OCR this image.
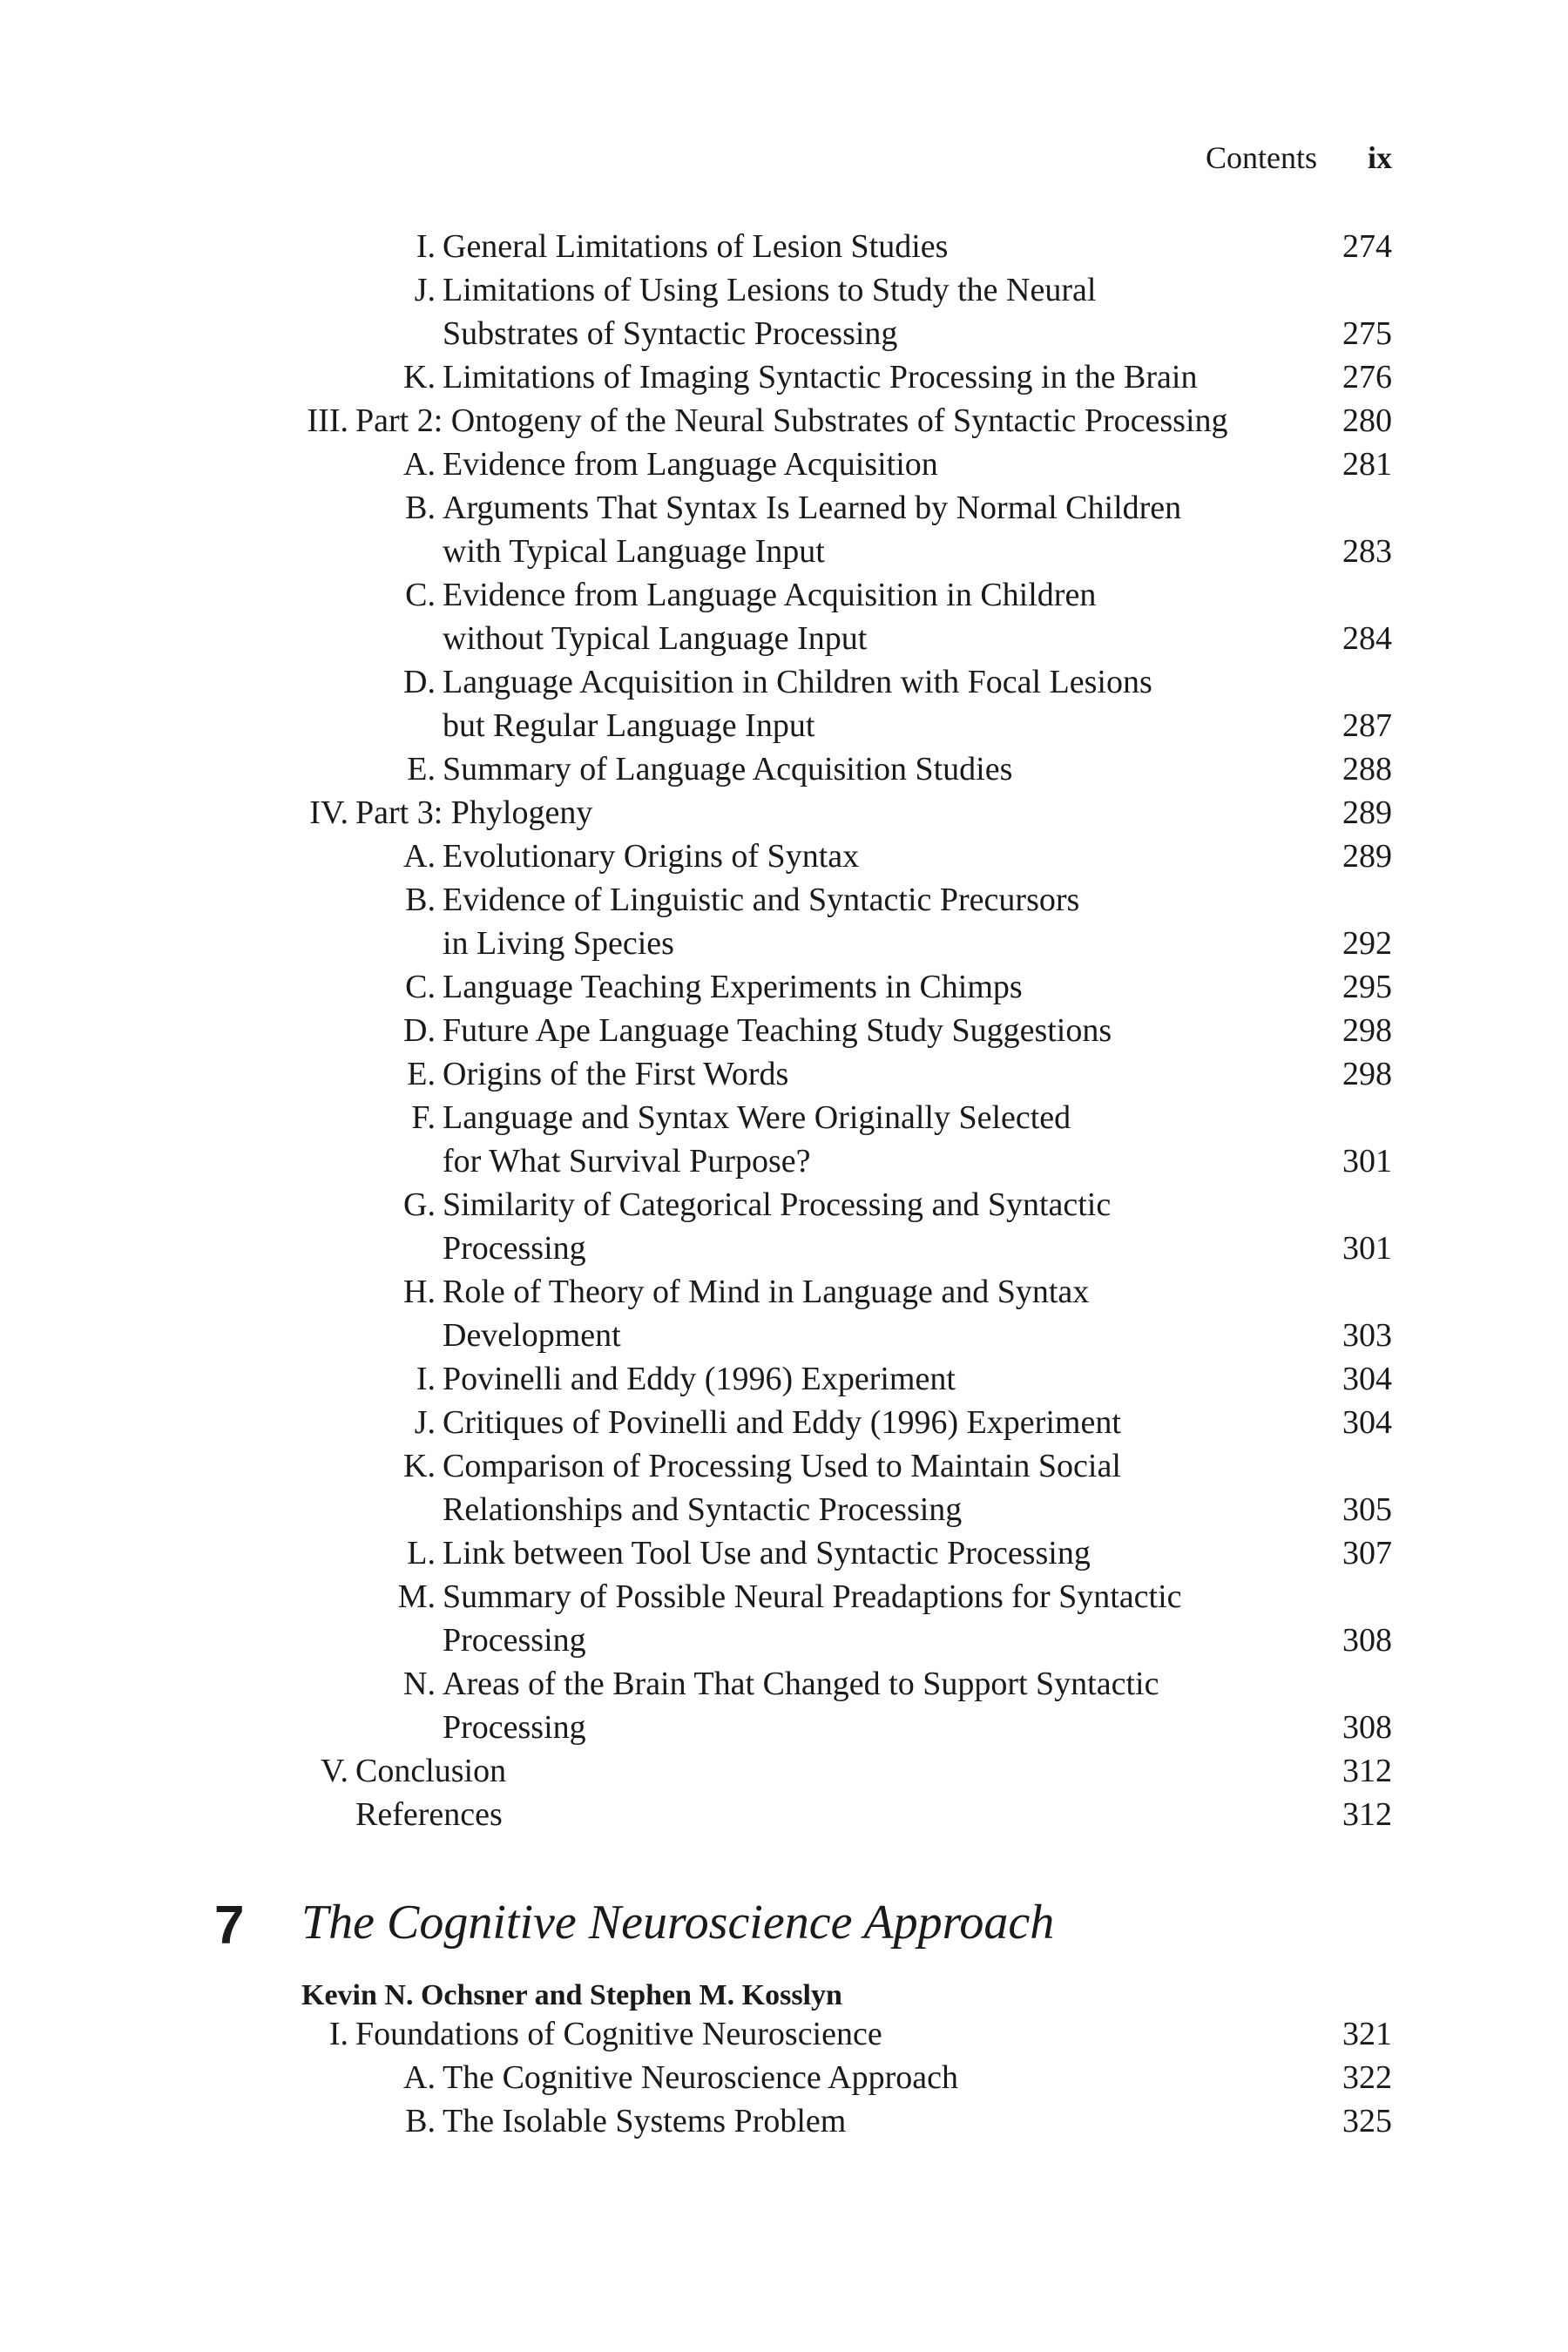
Contents ix
I. General Limitations of Lesion Studies	274
J. Limitations of Using Lesions to Study the Neural
Substrates of Syntactic Processing	275
K. Limitations of Imaging Syntactic Processing in the Brain	276
III. Part 2: Ontogeny of the Neural Substrates of Syntactic Processing	280
A. Evidence from Language Acquisition	281
B. Arguments That Syntax Is Learned by Normal Children
with Typical Language Input	283
C. Evidence from Language Acquisition in Children
without Typical Language Input	284
D. Language Acquisition in Children with Focal Lesions
but Regular Language Input	287
E. Summary of Language Acquisition Studies	288
IV. Part 3: Phylogeny	289
A. Evolutionary Origins of Syntax	289
B. Evidence of Linguistic and Syntactic Precursors
in Living Species	292
C. Language Teaching Experiments in Chimps	295
D. Future Ape Language Teaching Study Suggestions	298
E. Origins of the First Words	298
F. Language and Syntax Were Originally Selected
for What Survival Purpose?	301
G. Similarity of Categorical Processing and Syntactic
Processing	301
H. Role of Theory of Mind in Language and Syntax
Development	303
I. Povinelli and Eddy (1996) Experiment	304
J. Critiques of Povinelli and Eddy (1996) Experiment	304
K. Comparison of Processing Used to Maintain Social
Relationships and Syntactic Processing	305
L. Link between Tool Use and Syntactic Processing	307
M. Summary of Possible Neural Preadaptions for Syntactic
Processing	308
N. Areas of the Brain That Changed to Support Syntactic
Processing	308
V. Conclusion	312
References	312
7 The Cognitive Neuroscience Approach
Kevin N. Ochsner and Stephen M. Kosslyn
I. Foundations of Cognitive Neuroscience	321
A. The Cognitive Neuroscience Approach	322
B. The Isolable Systems Problem	325
